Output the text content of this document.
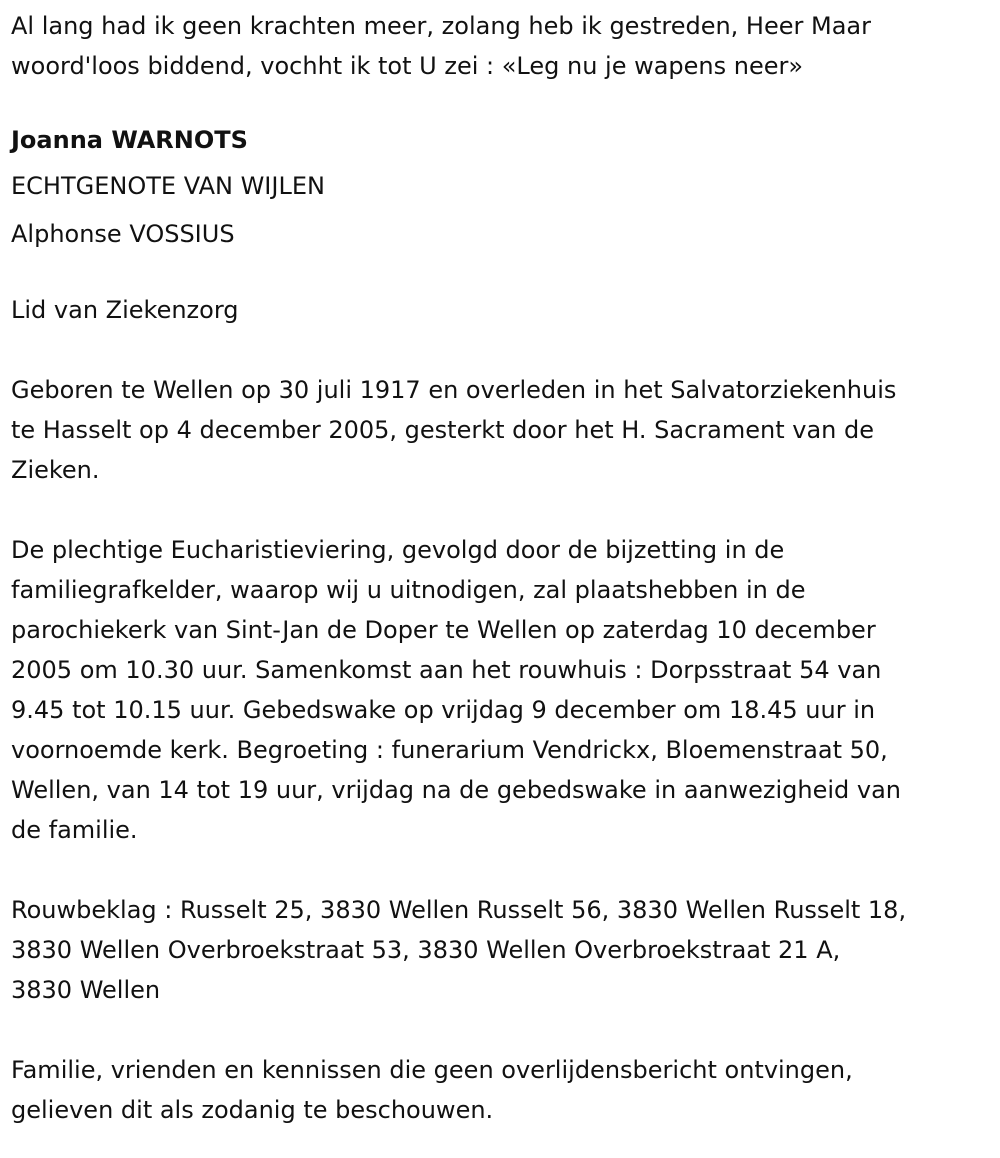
Al lang had ik geen krachten meer, zolang heb ik gestreden, Heer Maar
woord'loos biddend, vochht ik tot U zei : «Leg nu je wapens neer»
Joanna WARNOTS
ECHTGENOTE VAN WIJLEN
Alphonse VOSSIUS
Lid van Ziekenzorg
Geboren te Wellen op 30 juli 1917 en overleden in het Salvatorziekenhuis
te Hasselt op 4 december 2005, gesterkt door het H. Sacrament van de
Zieken.
De plechtige Eucharistieviering, gevolgd door de bijzetting in de
familiegrafkelder, waarop wij u uitnodigen, zal plaatshebben in de
parochiekerk van Sint-Jan de Doper te Wellen op zaterdag 10 december
2005 om 10.30 uur. Samenkomst aan het rouwhuis : Dorpsstraat 54 van
9.45 tot 10.15 uur. Gebedswake op vrijdag 9 december om 18.45 uur in
voornoemde kerk. Begroeting : funerarium Vendrickx, Bloemenstraat 50,
Wellen, van 14 tot 19 uur, vrijdag na de gebedswake in aanwezigheid van
de familie.
Rouwbeklag : Russelt 25, 3830 Wellen Russelt 56, 3830 Wellen Russelt 18,
3830 Wellen Overbroekstraat 53, 3830 Wellen Overbroekstraat 21 A,
3830 Wellen
Familie, vrienden en kennissen die geen overlijdensbericht ontvingen,
gelieven dit als zodanig te beschouwen.
